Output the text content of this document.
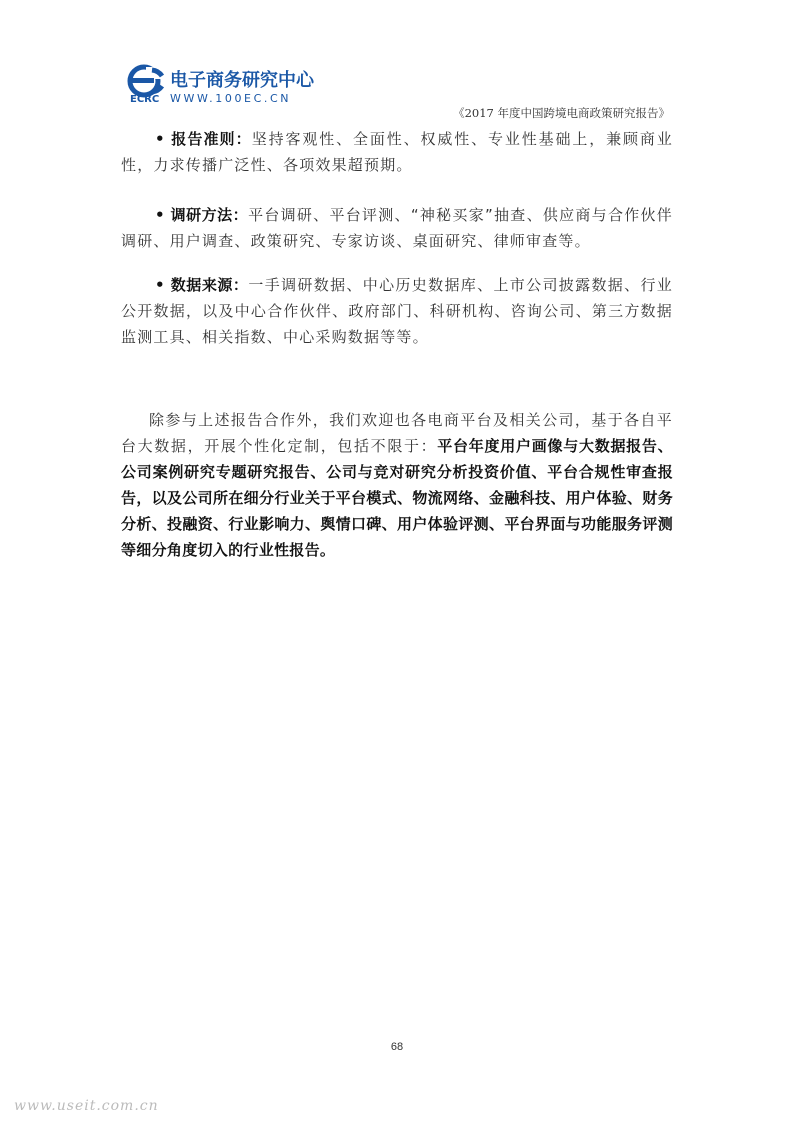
电子商务研究中心
ECRC WWW.100EC.CN
《2017 年度中国跨境电商政策研究报告》
• 报告准则：坚持客观性、全面性、权威性、专业性基础上，兼顾商业性，力求传播广泛性、各项效果超预期。
• 调研方法：平台调研、平台评测、“神秘买家”抽查、供应商与合作伙伴调研、用户调查、政策研究、专家访谈、桌面研究、律师审查等。
• 数据来源：一手调研数据、中心历史数据库、上市公司披露数据、行业公开数据，以及中心合作伙伴、政府部门、科研机构、咨询公司、第三方数据监测工具、相关指数、中心采购数据等等。
除参与上述报告合作外，我们欢迎也各电商平台及相关公司，基于各自平台大数据，开展个性化定制，包括不限于：平台年度用户画像与大数据报告、公司案例研究专题研究报告、公司与竞对研究分析投资价值、平台合规性审查报告，以及公司所在细分行业关于平台模式、物流网络、金融科技、用户体验、财务分析、投融资、行业影响力、舆情口碑、用户体验评测、平台界面与功能服务评测等细分角度切入的行业性报告。
68
www.useit.com.cn
